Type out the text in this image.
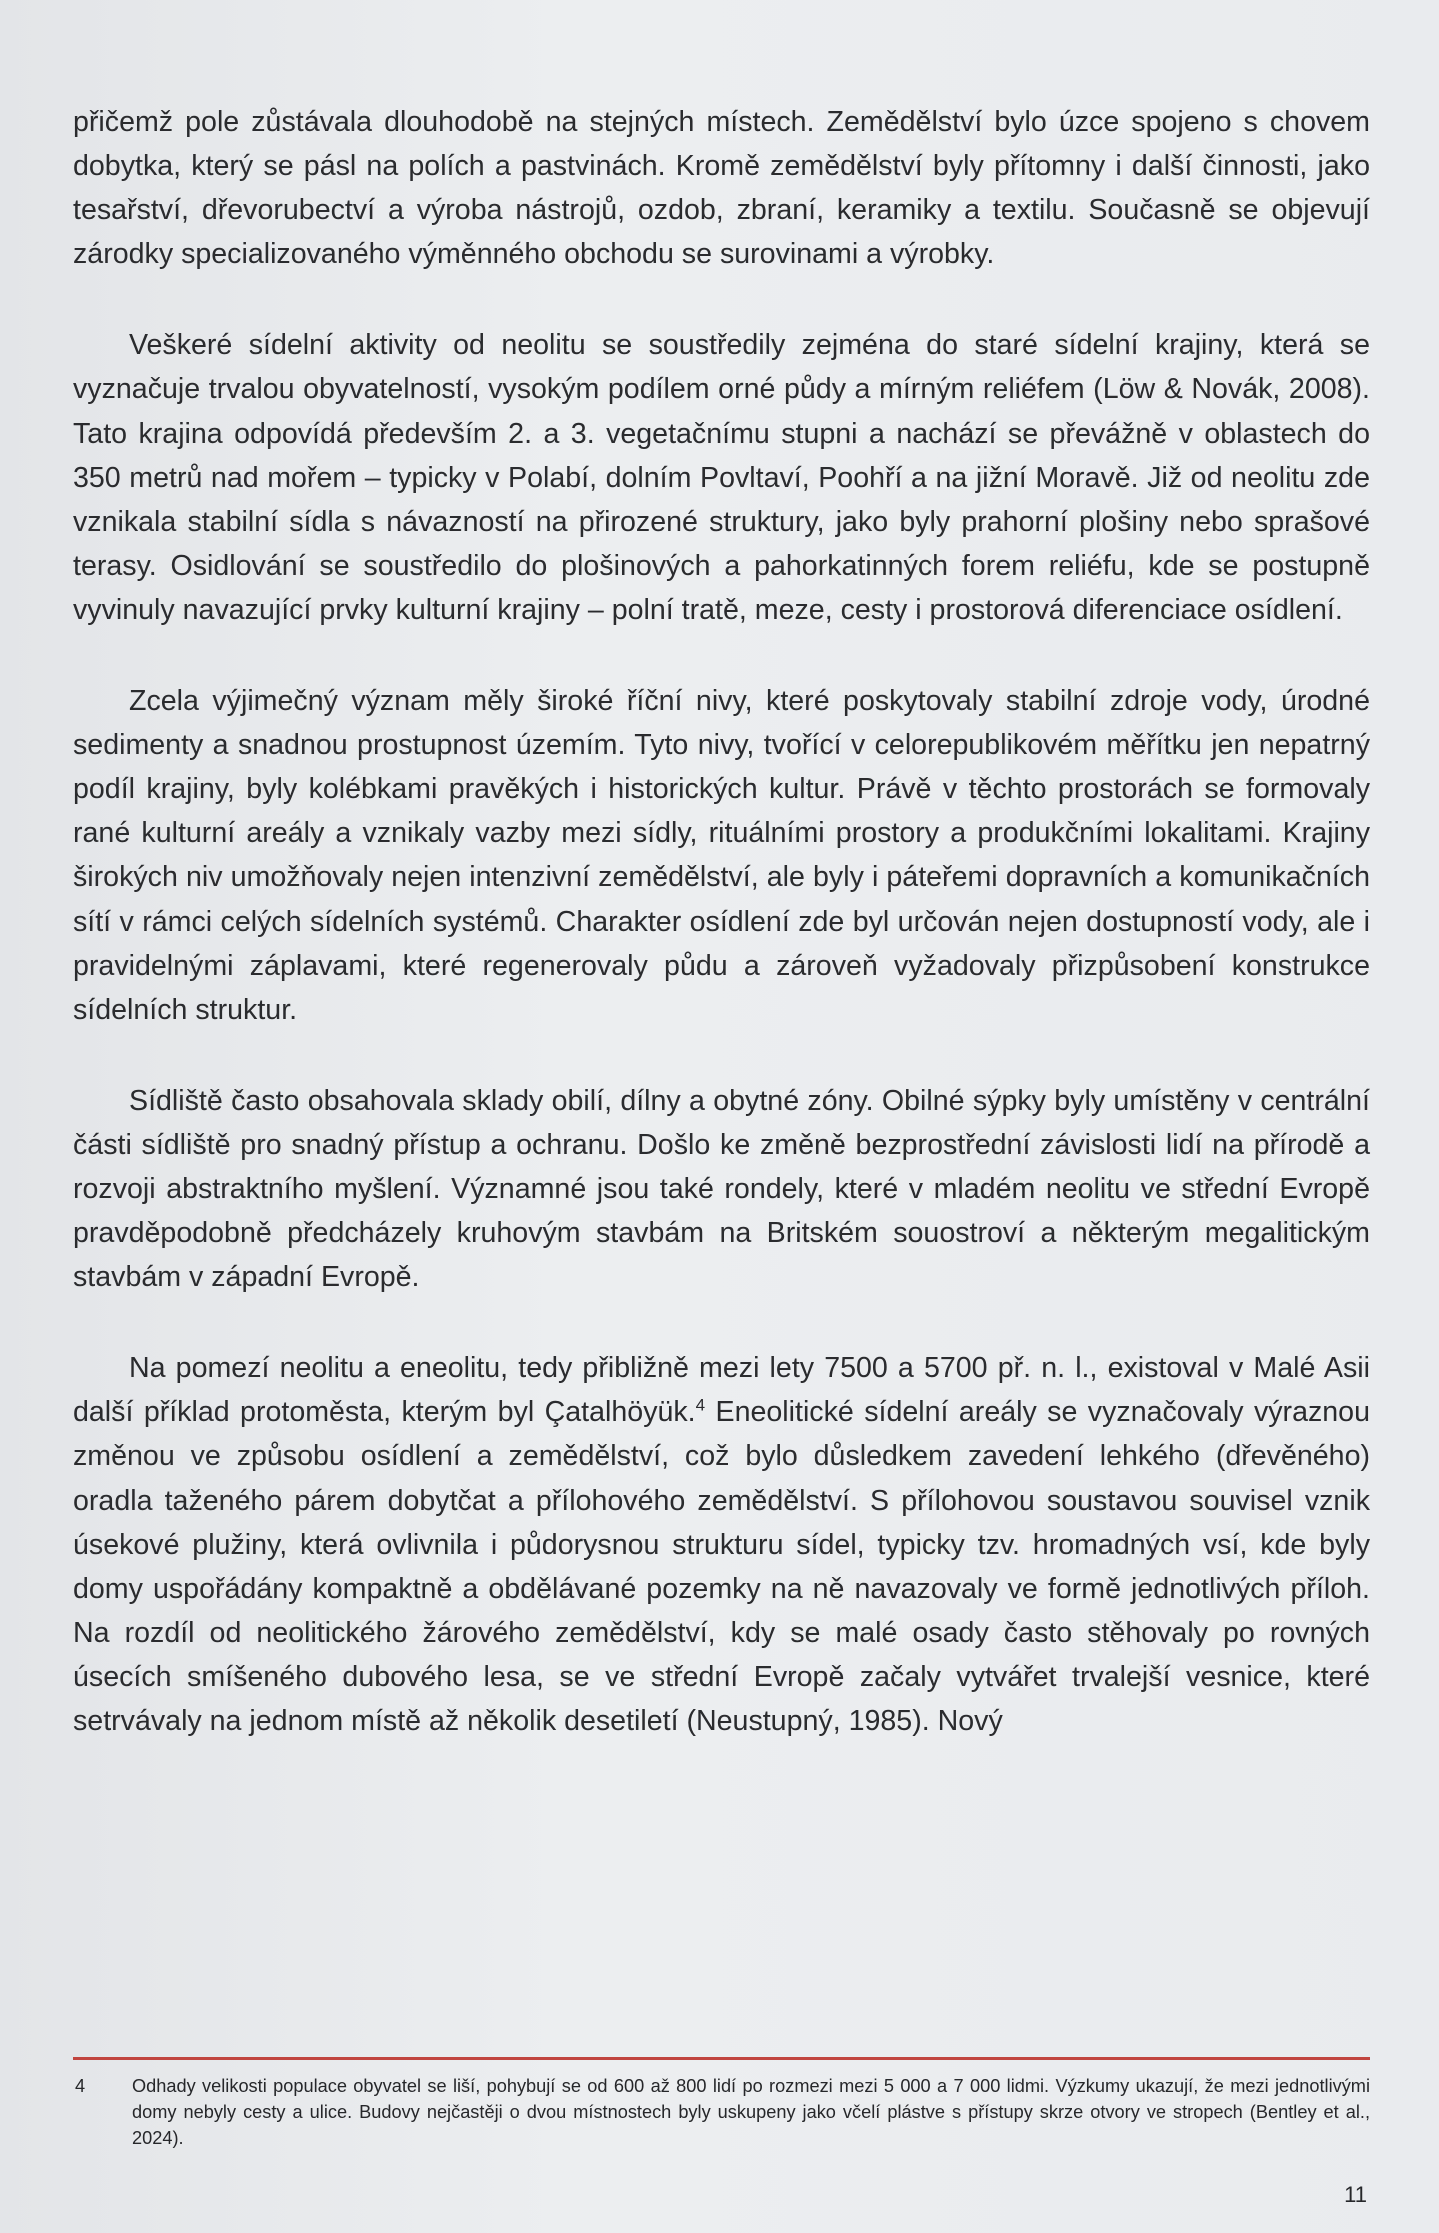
přičemž pole zůstávala dlouhodobě na stejných místech. Zemědělství bylo úzce spojeno s chovem dobytka, který se pásl na polích a pastvinách. Kromě zemědělství byly přítomny i další činnosti, jako tesařství, dřevorubectví a výroba nástrojů, ozdob, zbraní, keramiky a textilu. Současně se objevují zárodky specializovaného výměnného obchodu se surovinami a výrobky.

Veškeré sídelní aktivity od neolitu se soustředily zejména do staré sídelní krajiny, která se vyznačuje trvalou obyvatelností, vysokým podílem orné půdy a mírným reliéfem (Löw & Novák, 2008). Tato krajina odpovídá především 2. a 3. vegetačnímu stupni a nachází se převážně v oblastech do 350 metrů nad mořem – typicky v Polabí, dolním Povltaví, Poohří a na jižní Moravě. Již od neolitu zde vznikala stabilní sídla s návazností na přirozené struktury, jako byly prahorní plošiny nebo sprašové terasy. Osidlování se soustředilo do plošinových a pahorkatinných forem reliéfu, kde se postupně vyvinuly navazující prvky kulturní krajiny – polní tratě, meze, cesty i prostorová diferenciace osídlení.

Zcela výjimečný význam měly široké říční nivy, které poskytovaly stabilní zdroje vody, úrodné sedimenty a snadnou prostupnost územím. Tyto nivy, tvořící v celorepublikovém měřítku jen nepatrný podíl krajiny, byly kolébkami pravěkých i historických kultur. Právě v těchto prostorách se formovaly rané kulturní areály a vznikaly vazby mezi sídly, rituálními prostory a produkčními lokalitami. Krajiny širokých niv umožňovaly nejen intenzivní zemědělství, ale byly i páteřemi dopravních a komunikačních sítí v rámci celých sídelních systémů. Charakter osídlení zde byl určován nejen dostupností vody, ale i pravidelnými záplavami, které regenerovaly půdu a zároveň vyžadovaly přizpůsobení konstrukce sídelních struktur.

Sídliště často obsahovala sklady obilí, dílny a obytné zóny. Obilné sýpky byly umístěny v centrální části sídliště pro snadný přístup a ochranu. Došlo ke změně bezprostřední závislosti lidí na přírodě a rozvoji abstraktního myšlení. Významné jsou také rondely, které v mladém neolitu ve střední Evropě pravděpodobně předcházely kruhovým stavbám na Britském souostroví a některým megalitickým stavbám v západní Evropě.

Na pomezí neolitu a eneolitu, tedy přibližně mezi lety 7500 a 5700 př. n. l., existoval v Malé Asii další příklad protoměsta, kterým byl Çatalhöyük.$^4$ Eneolitické sídelní areály se vyznačovaly výraznou změnou ve způsobu osídlení a zemědělství, což bylo důsledkem zavedení lehkého (dřevěného) oradla taženého párem dobytčat a přílohového zemědělství. S přílohovou soustavou souvisel vznik úsekové plužiny, která ovlivnila i půdorysnou strukturu sídel, typicky tzv. hromadných vsí, kde byly domy uspořádány kompaktně a obdělávané pozemky na ně navazovaly ve formě jednotlivých příloh. Na rozdíl od neolitického žárového zemědělství, kdy se malé osady často stěhovaly po rovných úsecích smíšeného dubového lesa, se ve střední Evropě začaly vytvářet trvalejší vesnice, které setrvávaly na jednom místě až několik desetiletí (Neustupný, 1985). Nový

4	Odhady velikosti populace obyvatel se liší, pohybují se od 600 až 800 lidí po rozmezi mezi 5 000 a 7 000 lidmi. Výzkumy ukazují, že mezi jednotlivými domy nebyly cesty a ulice. Budovy nejčastěji o dvou místnostech byly uskupeny jako včelí plástve s přístupy skrze otvory ve stropech (Bentley et al., 2024).
11
